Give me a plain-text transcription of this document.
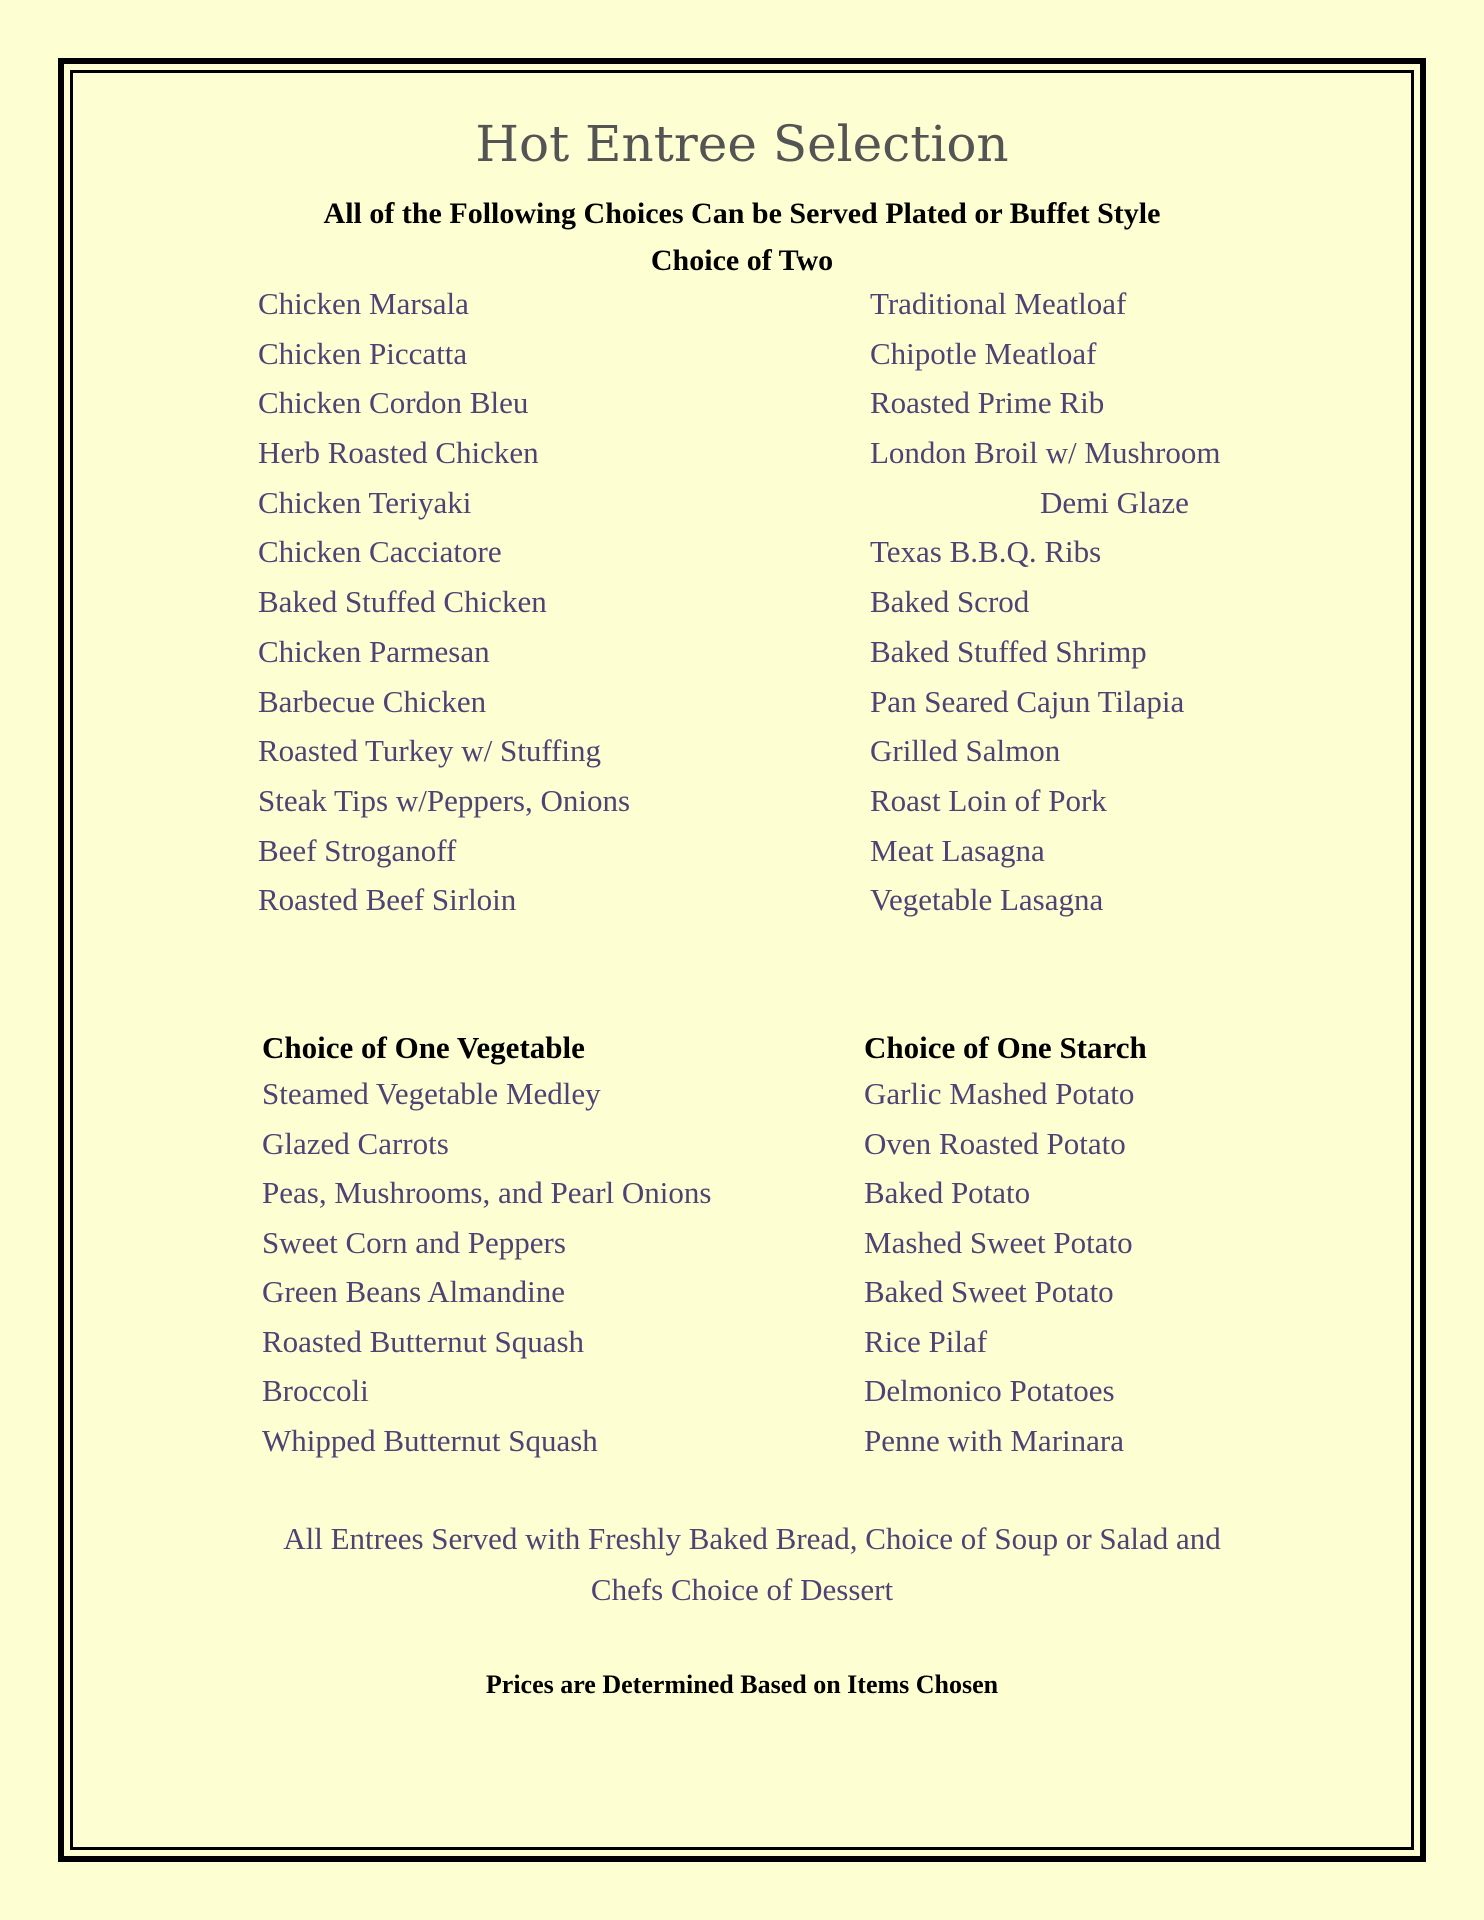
Hot Entree Selection
All of the Following Choices Can be Served Plated or Buffet Style
Choice of Two
Chicken Marsala
Chicken Piccatta
Chicken Cordon Bleu
Herb Roasted Chicken
Chicken Teriyaki
Chicken Cacciatore
Baked Stuffed Chicken
Chicken Parmesan
Barbecue Chicken
Roasted Turkey w/ Stuffing
Steak Tips w/Peppers, Onions
Beef Stroganoff
Roasted Beef Sirloin
Traditional Meatloaf
Chipotle Meatloaf
Roasted Prime Rib
London Broil w/ Mushroom
Demi Glaze
Texas B.B.Q. Ribs
Baked Scrod
Baked Stuffed Shrimp
Pan Seared Cajun Tilapia
Grilled Salmon
Roast Loin of Pork
Meat Lasagna
Vegetable Lasagna
Choice of One Vegetable	Choice of One Starch
Steamed Vegetable Medley
Glazed Carrots
Peas, Mushrooms, and Pearl Onions
Sweet Corn and Peppers
Green Beans Almandine
Roasted Butternut Squash
Broccoli
Whipped Butternut Squash
Garlic Mashed Potato
Oven Roasted Potato
Baked Potato
Mashed Sweet Potato
Baked Sweet Potato
Rice Pilaf
Delmonico Potatoes
Penne with Marinara
All Entrees Served with Freshly Baked Bread, Choice of Soup or Salad and
Chefs Choice of Dessert
Prices are Determined Based on Items Chosen
